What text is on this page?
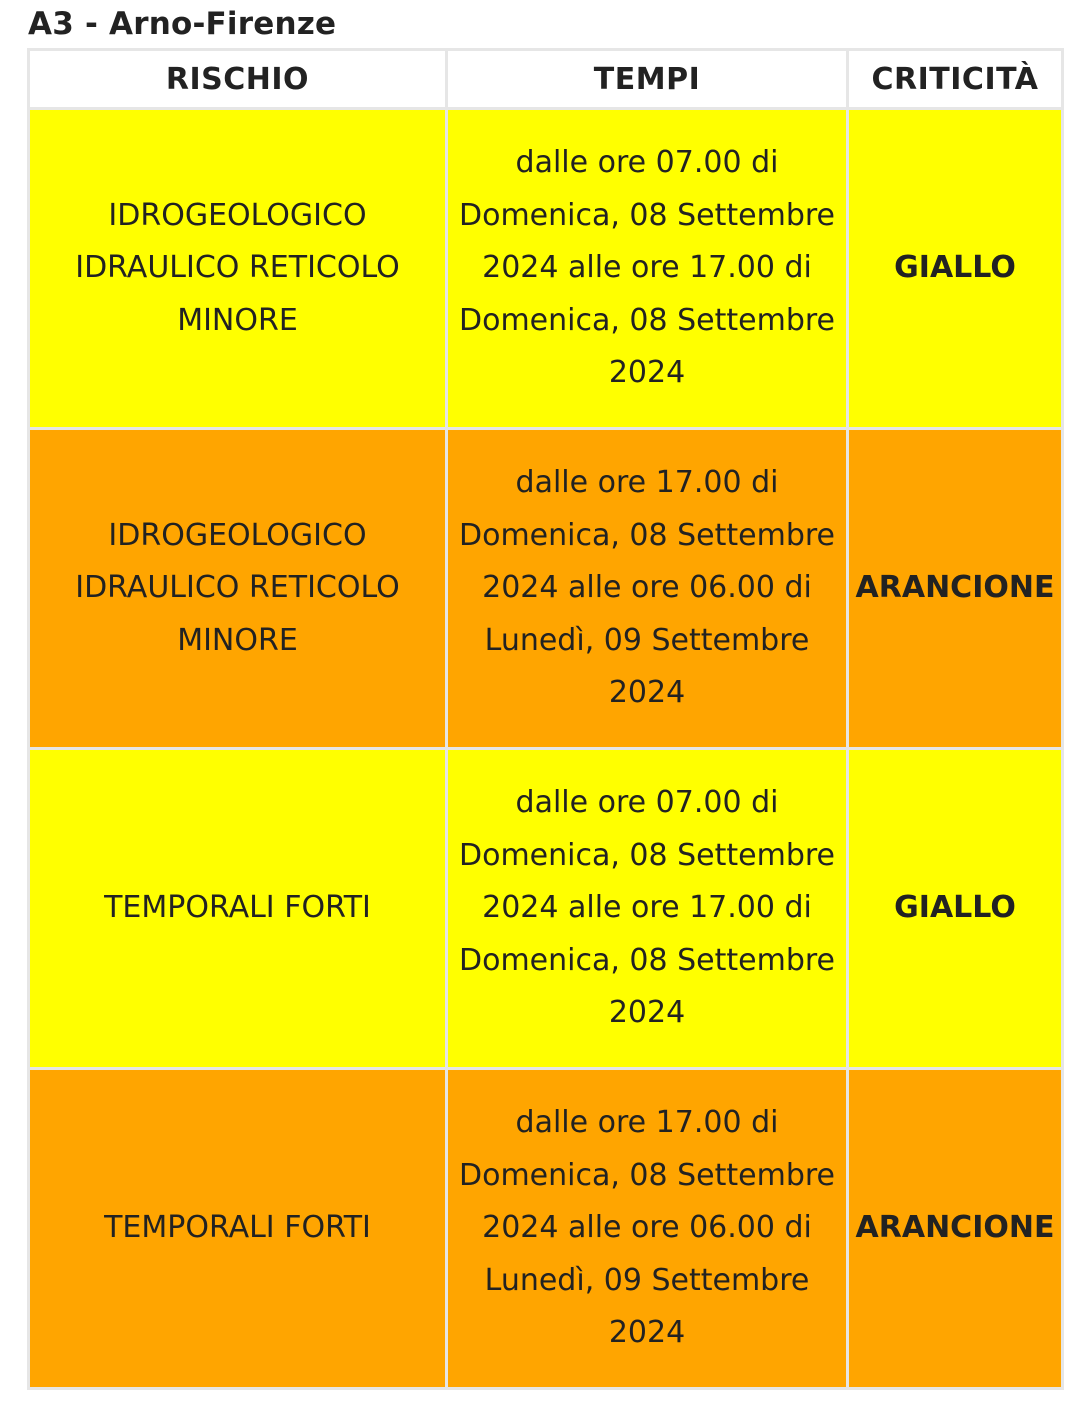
A3 - Arno-Firenze
RISCHIO	TEMPI	CRITICITÀ
IDROGEOLOGICO IDRAULICO RETICOLO MINORE	dalle ore 07.00 di Domenica, 08 Settembre 2024 alle ore 17.00 di Domenica, 08 Settembre 2024	GIALLO
IDROGEOLOGICO IDRAULICO RETICOLO MINORE	dalle ore 17.00 di Domenica, 08 Settembre 2024 alle ore 06.00 di Lunedì, 09 Settembre 2024	ARANCIONE
TEMPORALI FORTI	dalle ore 07.00 di Domenica, 08 Settembre 2024 alle ore 17.00 di Domenica, 08 Settembre 2024	GIALLO
TEMPORALI FORTI	dalle ore 17.00 di Domenica, 08 Settembre 2024 alle ore 06.00 di Lunedì, 09 Settembre 2024	ARANCIONE
